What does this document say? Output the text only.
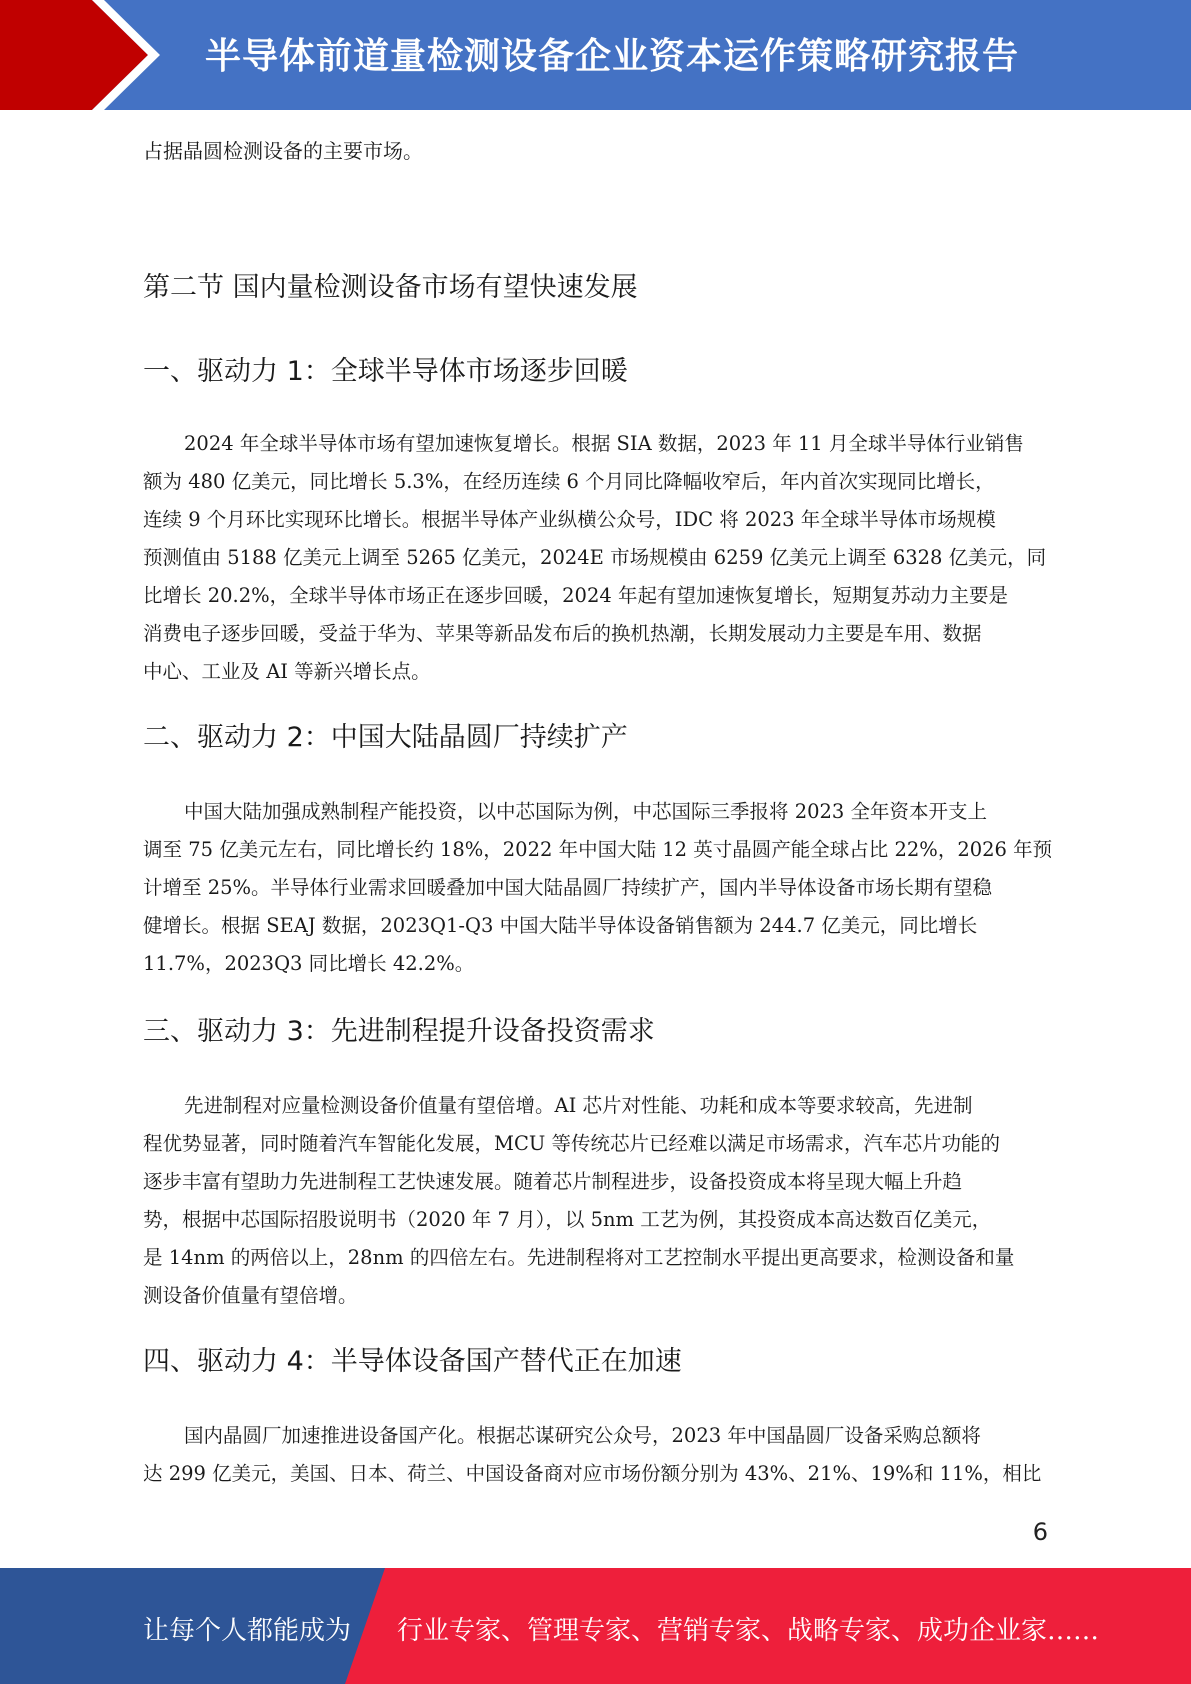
半导体前道量检测设备企业资本运作策略研究报告
占据晶圆检测设备的主要市场。
第二节 国内量检测设备市场有望快速发展
一、驱动力 1：全球半导体市场逐步回暖
2024 年全球半导体市场有望加速恢复增长。根据 SIA 数据，2023 年 11 月全球半导体行业销售
额为 480 亿美元，同比增长 5.3%，在经历连续 6 个月同比降幅收窄后，年内首次实现同比增长，
连续 9 个月环比实现环比增长。根据半导体产业纵横公众号，IDC 将 2023 年全球半导体市场规模
预测值由 5188 亿美元上调至 5265 亿美元，2024E 市场规模由 6259 亿美元上调至 6328 亿美元，同
比增长 20.2%，全球半导体市场正在逐步回暖，2024 年起有望加速恢复增长，短期复苏动力主要是
消费电子逐步回暖，受益于华为、苹果等新品发布后的换机热潮，长期发展动力主要是车用、数据
中心、工业及 AI 等新兴增长点。
二、驱动力 2：中国大陆晶圆厂持续扩产
中国大陆加强成熟制程产能投资，以中芯国际为例，中芯国际三季报将 2023 全年资本开支上
调至 75 亿美元左右，同比增长约 18%，2022 年中国大陆 12 英寸晶圆产能全球占比 22%，2026 年预
计增至 25%。半导体行业需求回暖叠加中国大陆晶圆厂持续扩产，国内半导体设备市场长期有望稳
健增长。根据 SEAJ 数据，2023Q1-Q3 中国大陆半导体设备销售额为 244.7 亿美元，同比增长
11.7%，2023Q3 同比增长 42.2%。
三、驱动力 3：先进制程提升设备投资需求
先进制程对应量检测设备价值量有望倍增。AI 芯片对性能、功耗和成本等要求较高，先进制
程优势显著，同时随着汽车智能化发展，MCU 等传统芯片已经难以满足市场需求，汽车芯片功能的
逐步丰富有望助力先进制程工艺快速发展。随着芯片制程进步，设备投资成本将呈现大幅上升趋
势，根据中芯国际招股说明书（2020 年 7 月），以 5nm 工艺为例，其投资成本高达数百亿美元，
是 14nm 的两倍以上，28nm 的四倍左右。先进制程将对工艺控制水平提出更高要求，检测设备和量
测设备价值量有望倍增。
四、驱动力 4：半导体设备国产替代正在加速
国内晶圆厂加速推进设备国产化。根据芯谋研究公众号，2023 年中国晶圆厂设备采购总额将
达 299 亿美元，美国、日本、荷兰、中国设备商对应市场份额分别为 43%、21%、19%和 11%，相比
6
让每个人都能成为 行业专家、管理专家、营销专家、战略专家、成功企业家……
